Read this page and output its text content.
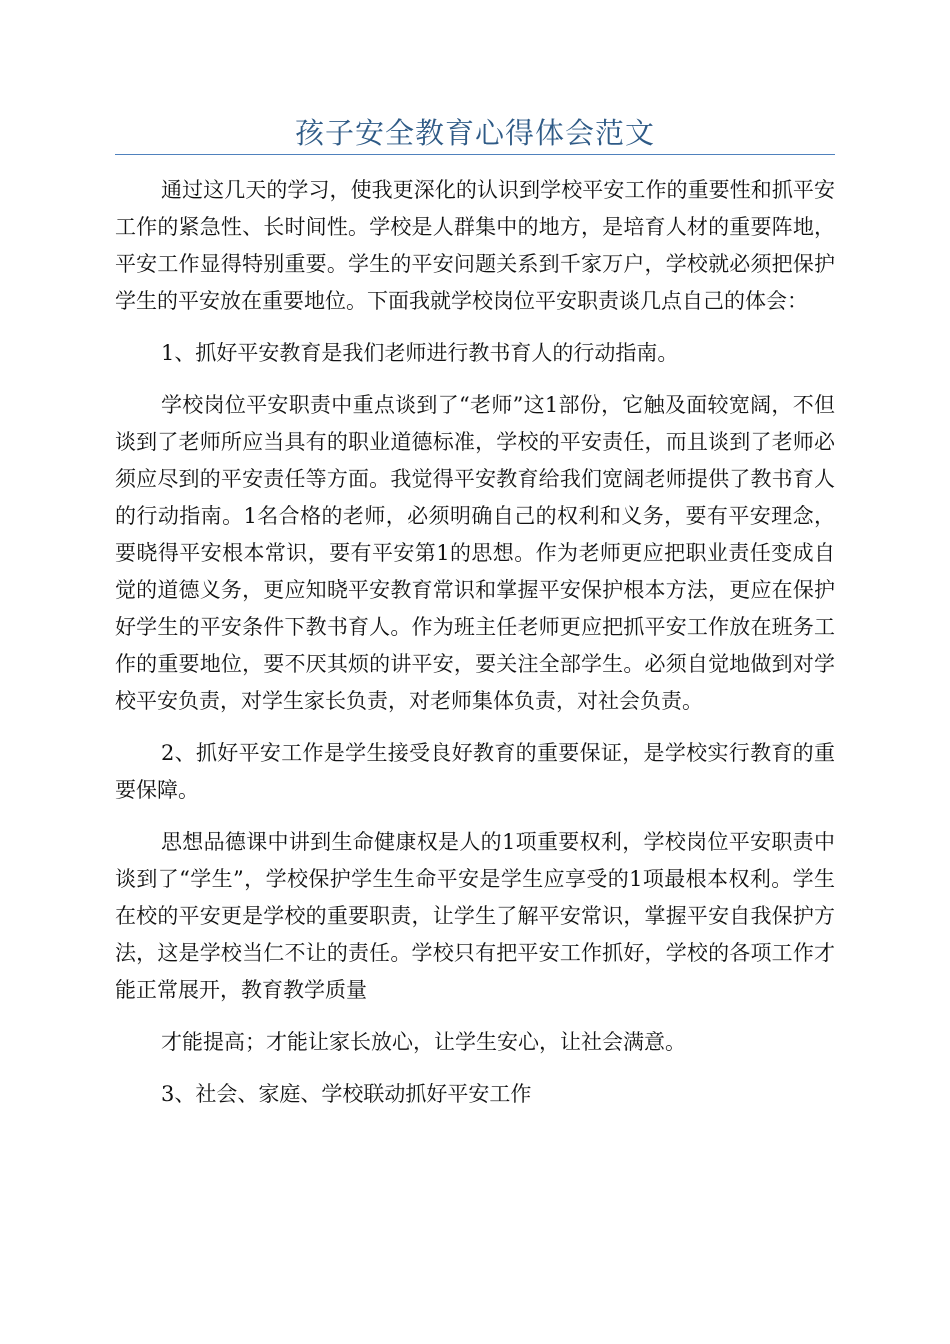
孩子安全教育心得体会范文

通过这几天的学习，使我更深化的认识到学校平安工作的重要性和抓平安工作的紧急性、长时间性。学校是人群集中的地方，是培育人材的重要阵地，平安工作显得特别重要。学生的平安问题关系到千家万户，学校就必须把保护学生的平安放在重要地位。下面我就学校岗位平安职责谈几点自己的体会：

1、抓好平安教育是我们老师进行教书育人的行动指南。

学校岗位平安职责中重点谈到了“老师”这1部份，它触及面较宽阔，不但谈到了老师所应当具有的职业道德标准，学校的平安责任，而且谈到了老师必须应尽到的平安责任等方面。我觉得平安教育给我们宽阔老师提供了教书育人的行动指南。1名合格的老师，必须明确自己的权利和义务，要有平安理念，要晓得平安根本常识，要有平安第1的思想。作为老师更应把职业责任变成自觉的道德义务，更应知晓平安教育常识和掌握平安保护根本方法，更应在保护好学生的平安条件下教书育人。作为班主任老师更应把抓平安工作放在班务工作的重要地位，要不厌其烦的讲平安，要关注全部学生。必须自觉地做到对学校平安负责，对学生家长负责，对老师集体负责，对社会负责。

2、抓好平安工作是学生接受良好教育的重要保证，是学校实行教育的重要保障。

思想品德课中讲到生命健康权是人的1项重要权利，学校岗位平安职责中谈到了“学生”，学校保护学生生命平安是学生应享受的1项最根本权利。学生在校的平安更是学校的重要职责，让学生了解平安常识，掌握平安自我保护方法，这是学校当仁不让的责任。学校只有把平安工作抓好，学校的各项工作才能正常展开，教育教学质量

才能提高；才能让家长放心，让学生安心，让社会满意。

3、社会、家庭、学校联动抓好平安工作
